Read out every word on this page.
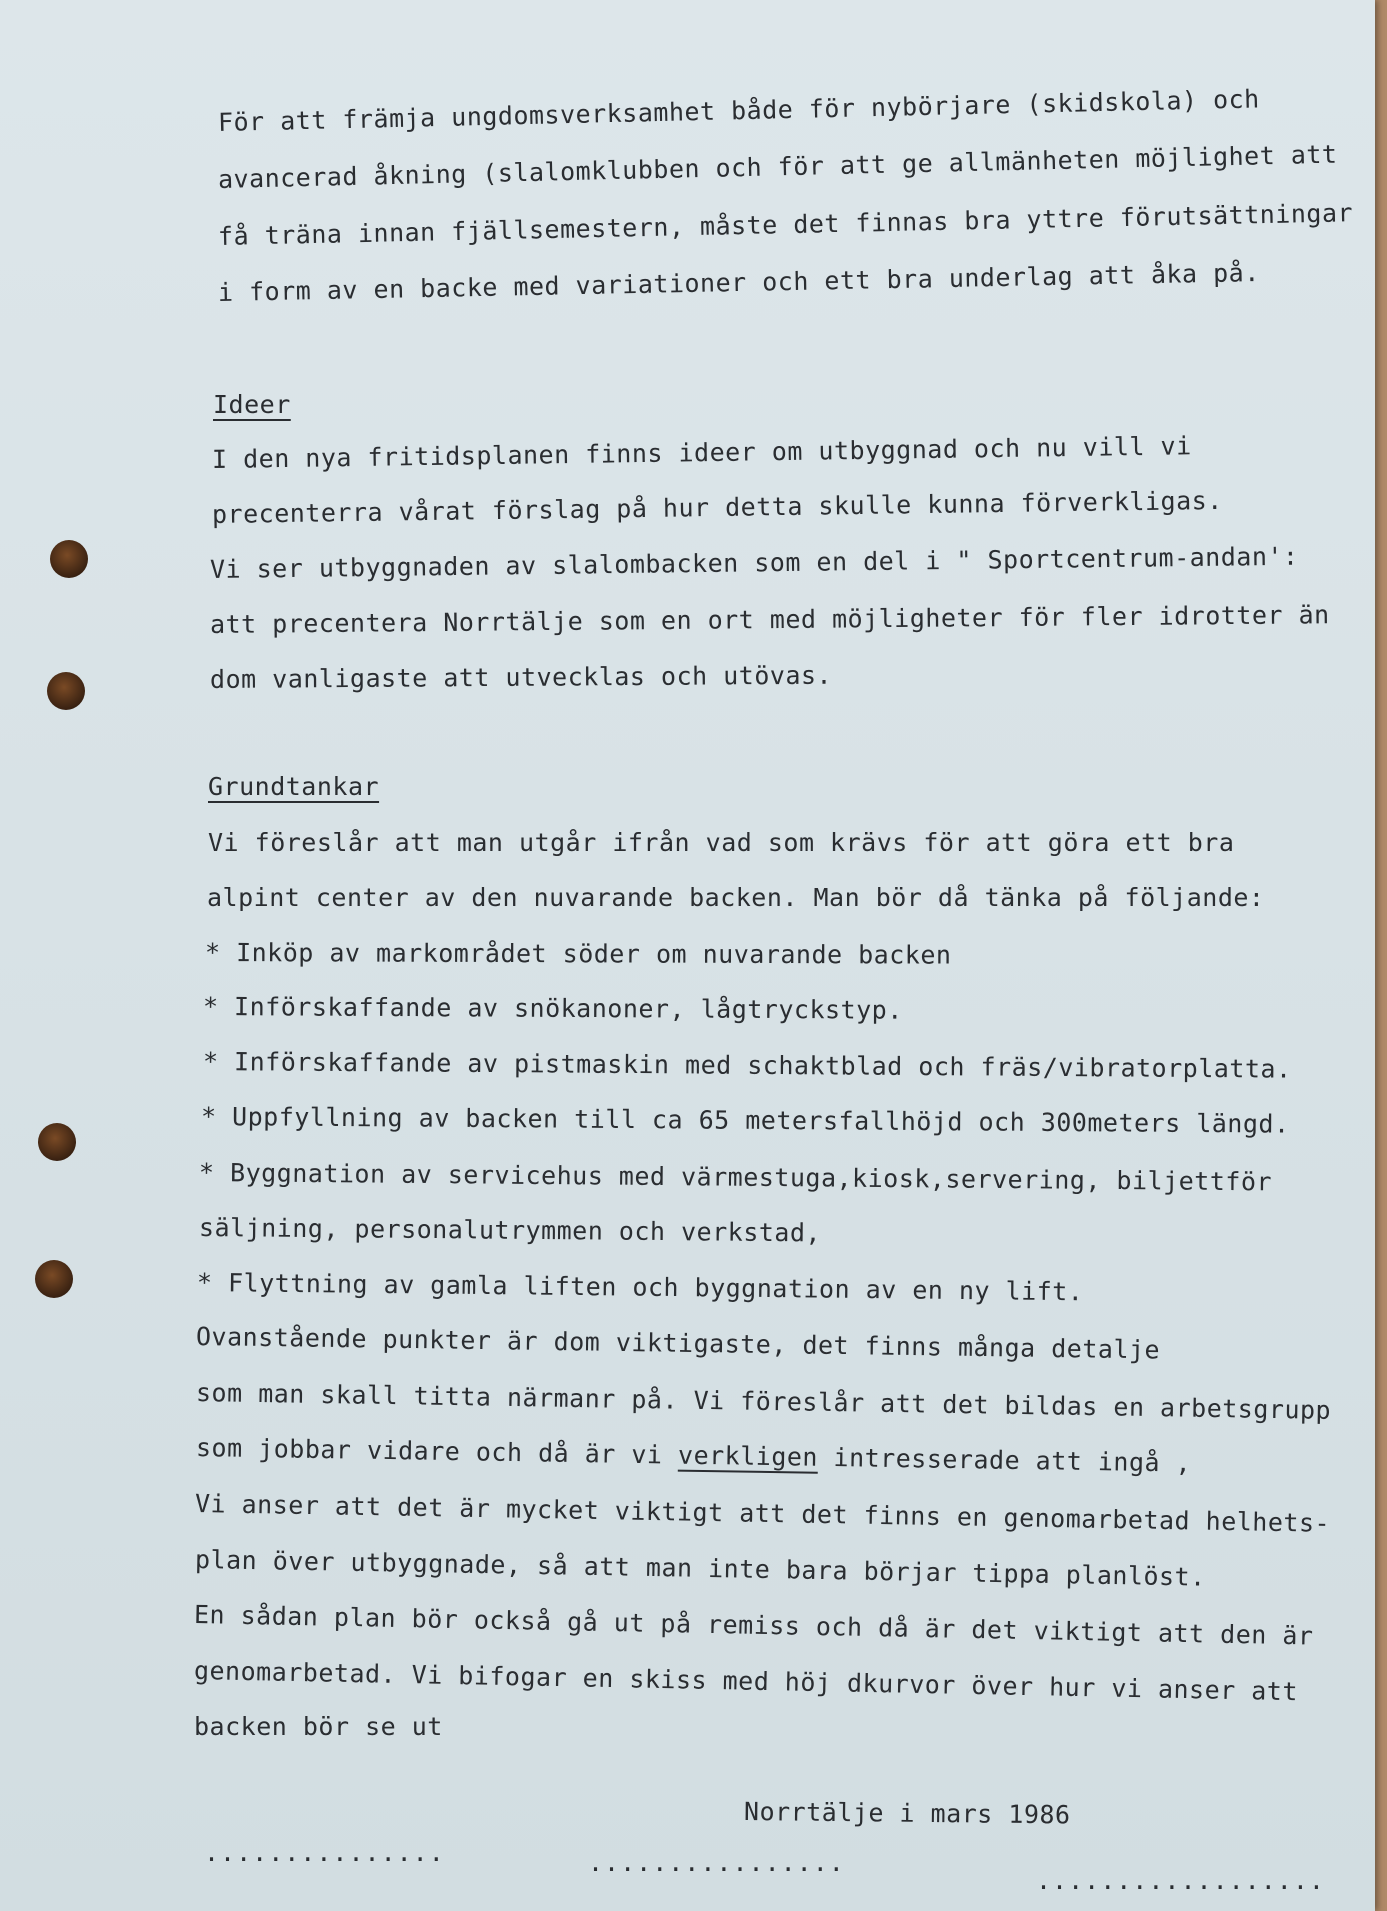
För att främja ungdomsverksamhet både för nybörjare (skidskola) och
avancerad åkning (slalomklubben och för att ge allmänheten möjlighet att
få träna innan fjällsemestern, måste det finnas bra yttre förutsättningar
i form av en backe med variationer och ett bra underlag att åka på.
Ideer
I den nya fritidsplanen finns ideer om utbyggnad och nu vill vi
precenterra vårat förslag på hur detta skulle kunna förverkligas.
Vi ser utbyggnaden av slalombacken som en del i " Sportcentrum-andan':
att precentera Norrtälje som en ort med möjligheter för fler idrotter än
dom vanligaste att utvecklas och utövas.
Grundtankar
Vi föreslår att man utgår ifrån vad som krävs för att göra ett bra
alpint center av den nuvarande backen. Man bör då tänka på följande:
* Inköp av markområdet söder om nuvarande backen
* Införskaffande av snökanoner, lågtryckstyp.
* Införskaffande av pistmaskin med schaktblad och fräs/vibratorplatta.
* Uppfyllning av backen till ca 65 metersfallhöjd och 300meters längd.
* Byggnation av servicehus med värmestuga,kiosk,servering, biljettför
säljning, personalutrymmen och verkstad,
* Flyttning av gamla liften och byggnation av en ny lift.
Ovanstående punkter är dom viktigaste, det finns många detalje
som man skall titta närmanr på. Vi föreslår att det bildas en arbetsgrupp
som jobbar vidare och då är vi verkligen intresserade att ingå ,
Vi anser att det är mycket viktigt att det finns en genomarbetad helhets-
plan över utbyggnade, så att man inte bara börjar tippa planlöst.
En sådan plan bör också gå ut på remiss och då är det viktigt att den är
genomarbetad. Vi bifogar en skiss med höj dkurvor över hur vi anser att
backen bör se ut
Norrtälje i mars 1986
...............	................
..................
